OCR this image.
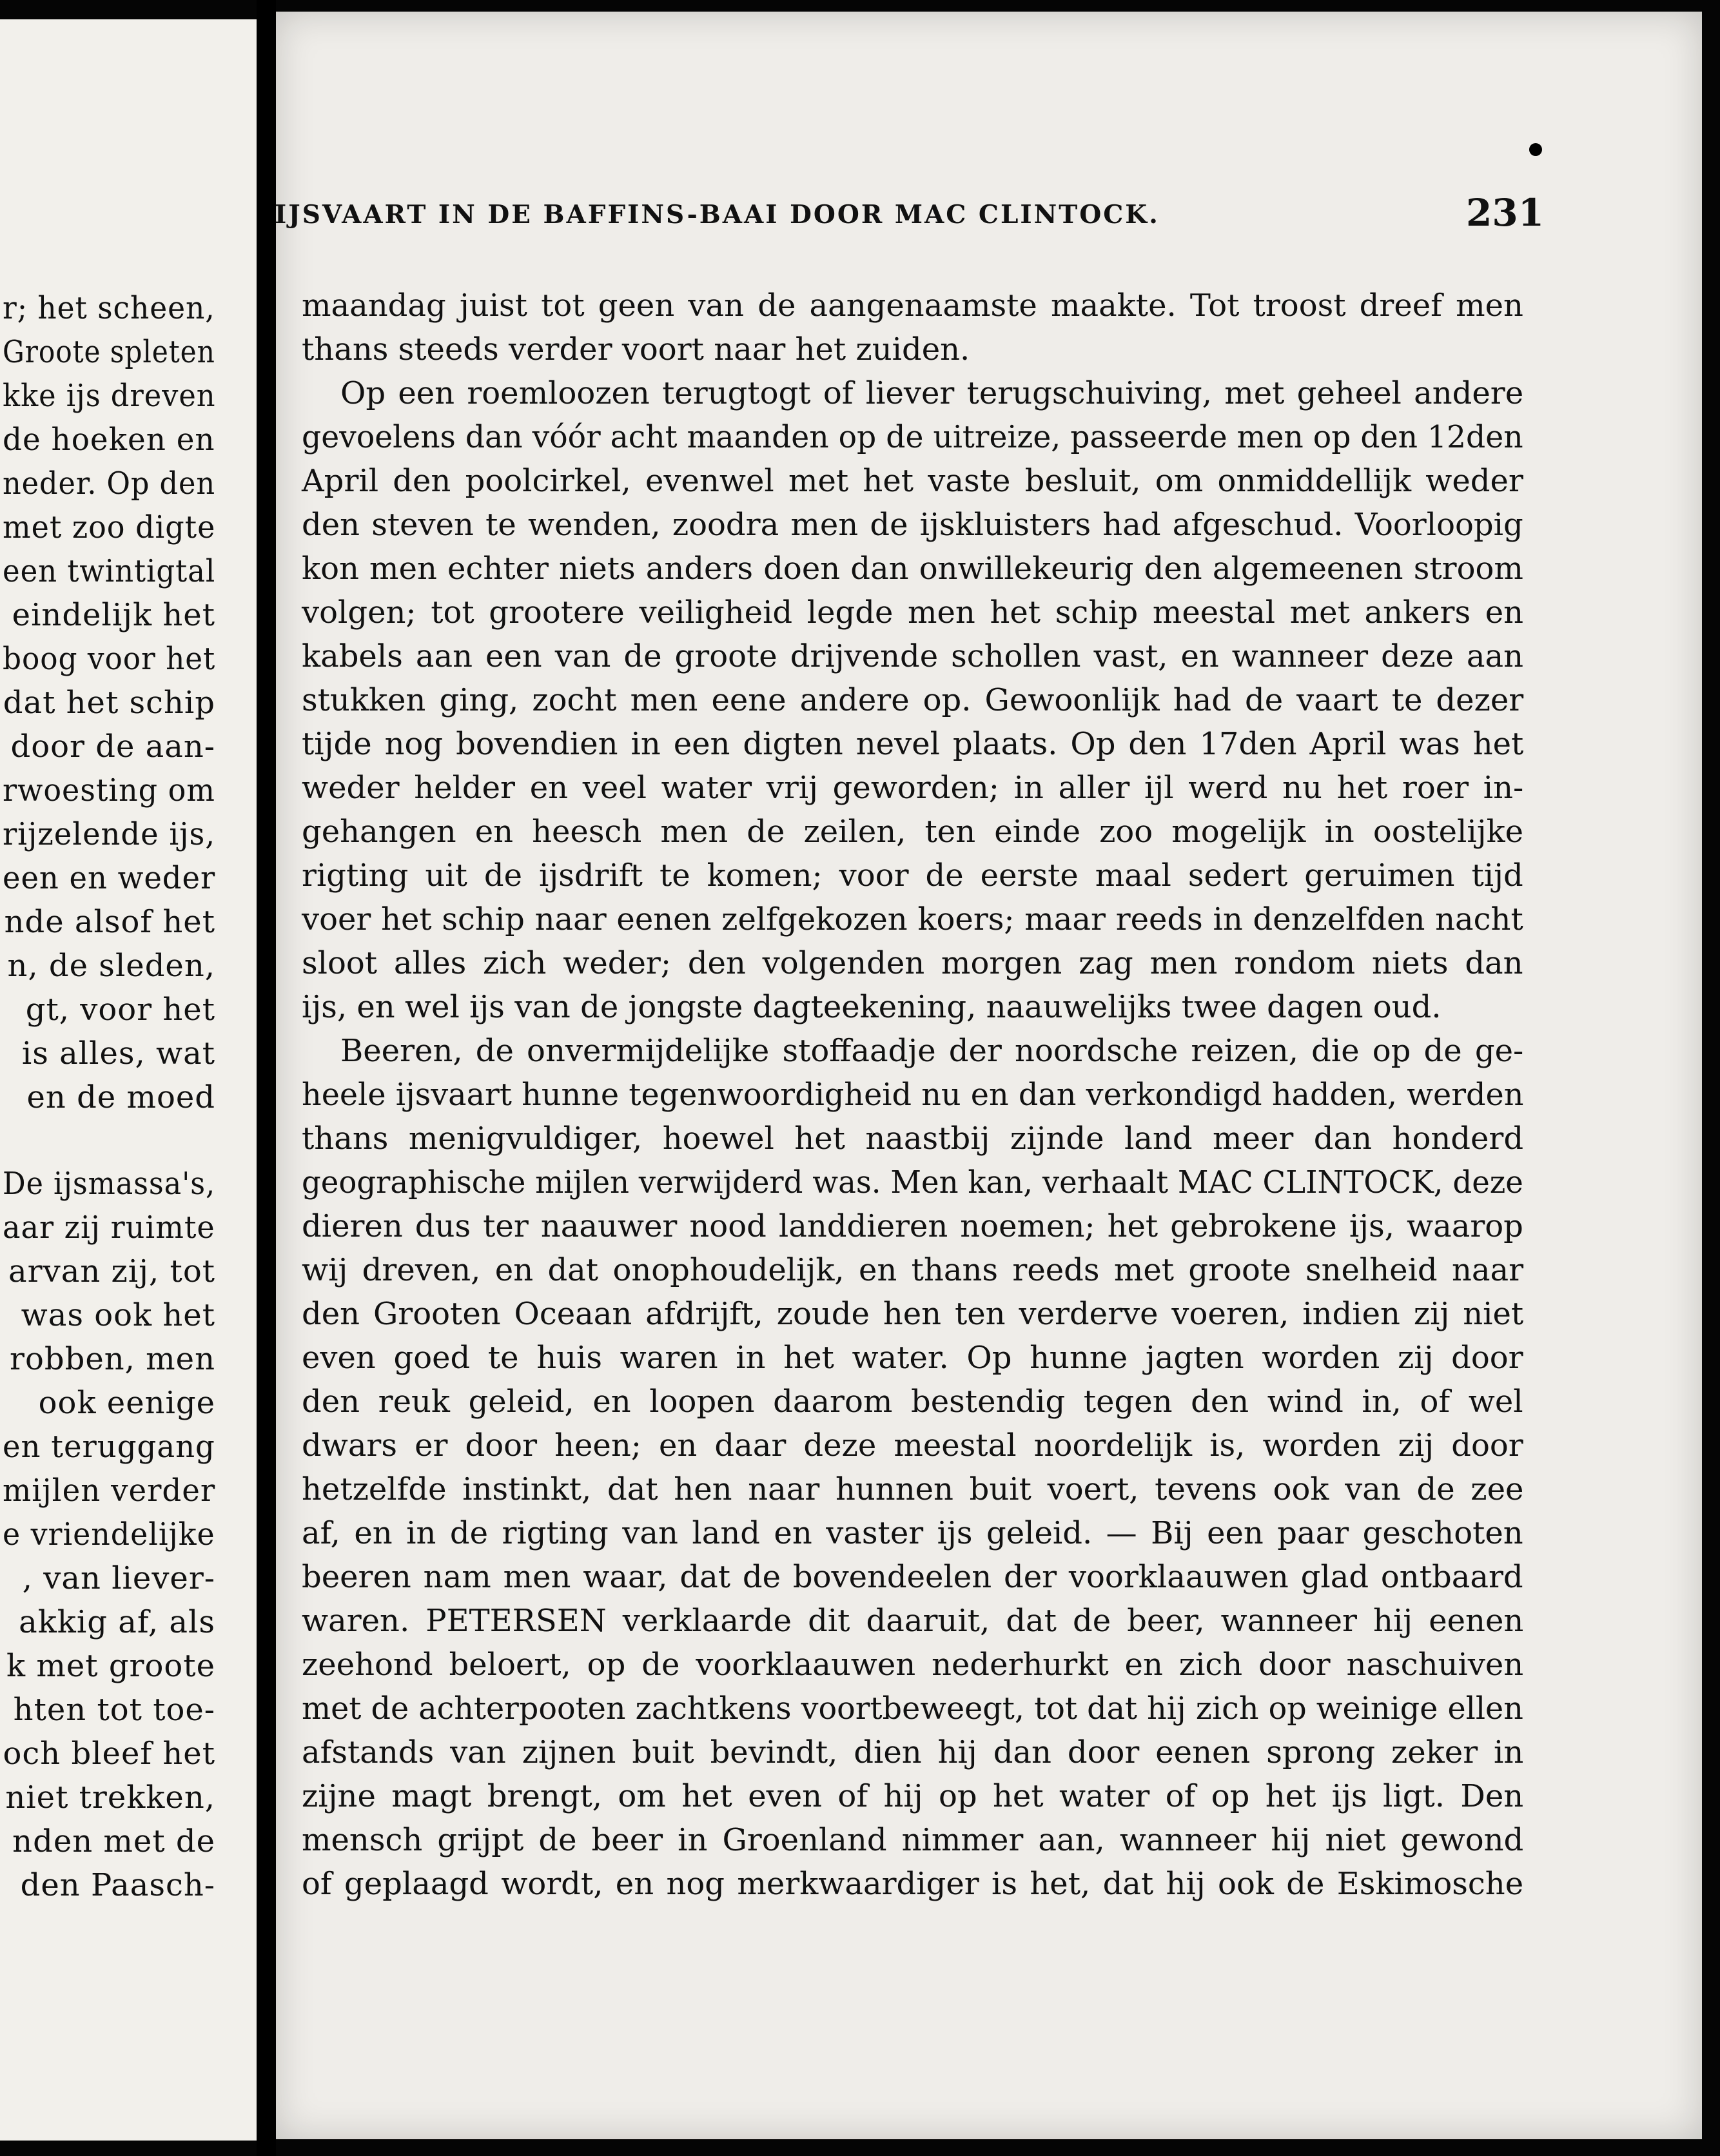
r; het scheen,

Groote spleten

kke ijs dreven

de hoeken en

neder. Op den

met zoo digte

een twintigtal

eindelijk het

boog voor het

dat het schip

door de aan-

rwoesting om

rijzelende ijs,

een en weder

nde alsof het

n, de sleden,

gt, voor het

is alles, wat

en de moed

De ijsmassa's,

aar zij ruimte

arvan zij, tot

was ook het

robben, men

ook eenige

en teruggang

mijlen verder

e vriendelijke

, van liever-

akkig af, als

k met groote

hten tot toe-

och bleef het

niet trekken,

nden met de

den Paasch-

IJSVAART IN DE BAFFINS-BAAI DOOR MAC CLINTOCK.	231

maandag juist tot geen van de aangenaamste maakte. Tot troost dreef men

thans steeds verder voort naar het zuiden.

Op een roemloozen terugtogt of liever terugschuiving, met geheel andere

gevoelens dan vóór acht maanden op de uitreize, passeerde men op den 12den

April den poolcirkel, evenwel met het vaste besluit, om onmiddellijk weder

den steven te wenden, zoodra men de ijskluisters had afgeschud. Voorloopig

kon men echter niets anders doen dan onwillekeurig den algemeenen stroom

volgen; tot grootere veiligheid legde men het schip meestal met ankers en

kabels aan een van de groote drijvende schollen vast, en wanneer deze aan

stukken ging, zocht men eene andere op. Gewoonlijk had de vaart te dezer

tijde nog bovendien in een digten nevel plaats. Op den 17den April was het

weder helder en veel water vrij geworden; in aller ijl werd nu het roer in-

gehangen en heesch men de zeilen, ten einde zoo mogelijk in oostelijke

rigting uit de ijsdrift te komen; voor de eerste maal sedert geruimen tijd

voer het schip naar eenen zelfgekozen koers; maar reeds in denzelfden nacht

sloot alles zich weder; den volgenden morgen zag men rondom niets dan

ijs, en wel ijs van de jongste dagteekening, naauwelijks twee dagen oud.

Beeren, de onvermijdelijke stoffaadje der noordsche reizen, die op de ge-

heele ijsvaart hunne tegenwoordigheid nu en dan verkondigd hadden, werden

thans menigvuldiger, hoewel het naastbij zijnde land meer dan honderd

geographische mijlen verwijderd was. Men kan, verhaalt MAC CLINTOCK, deze

dieren dus ter naauwer nood landdieren noemen; het gebrokene ijs, waarop

wij dreven, en dat onophoudelijk, en thans reeds met groote snelheid naar

den Grooten Oceaan afdrijft, zoude hen ten verderve voeren, indien zij niet

even goed te huis waren in het water. Op hunne jagten worden zij door

den reuk geleid, en loopen daarom bestendig tegen den wind in, of wel

dwars er door heen; en daar deze meestal noordelijk is, worden zij door

hetzelfde instinkt, dat hen naar hunnen buit voert, tevens ook van de zee

af, en in de rigting van land en vaster ijs geleid. — Bij een paar geschoten

beeren nam men waar, dat de bovendeelen der voorklaauwen glad ontbaard

waren. PETERSEN verklaarde dit daaruit, dat de beer, wanneer hij eenen

zeehond beloert, op de voorklaauwen nederhurkt en zich door naschuiven

met de achterpooten zachtkens voortbeweegt, tot dat hij zich op weinige ellen

afstands van zijnen buit bevindt, dien hij dan door eenen sprong zeker in

zijne magt brengt, om het even of hij op het water of op het ijs ligt. Den

mensch grijpt de beer in Groenland nimmer aan, wanneer hij niet gewond

of geplaagd wordt, en nog merkwaardiger is het, dat hij ook de Eskimosche
